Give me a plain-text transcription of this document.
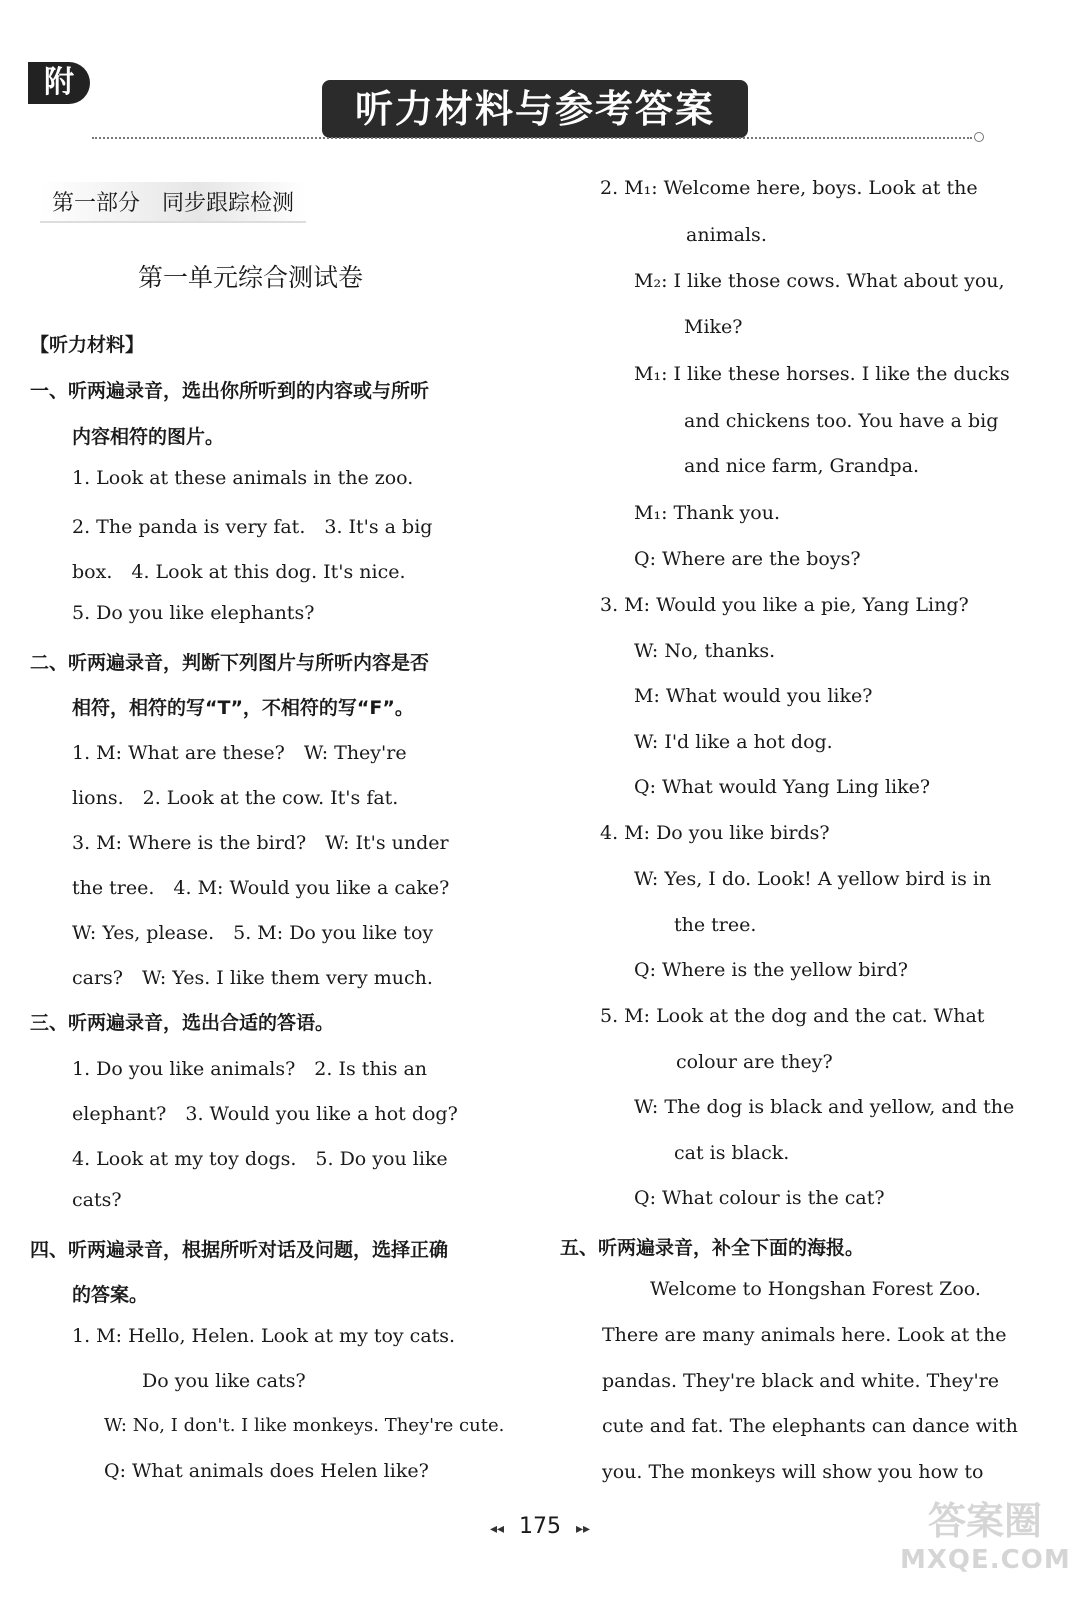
附
听力材料与参考答案
第一部分　同步跟踪检测
第一单元综合测试卷
【听力材料】
一、听两遍录音，选出你所听到的内容或与所听
内容相符的图片。
1. Look at these animals in the zoo.
2. The panda is very fat.　3. It's a big
box.　4. Look at this dog. It's nice.
5. Do you like elephants?
二、听两遍录音，判断下列图片与所听内容是否
相符，相符的写“T”，不相符的写“F”。
1. M: What are these?　W: They're
lions.　2. Look at the cow. It's fat.
3. M: Where is the bird?　W: It's under
the tree.　4. M: Would you like a cake?
W: Yes, please.　5. M: Do you like toy
cars?　W: Yes. I like them very much.
三、听两遍录音，选出合适的答语。
1. Do you like animals?　2. Is this an
elephant?　3. Would you like a hot dog?
4. Look at my toy dogs.　5. Do you like
cats?
四、听两遍录音，根据所听对话及问题，选择正确
的答案。
1. M: Hello, Helen. Look at my toy cats.
Do you like cats?
W: No, I don't. I like monkeys. They're cute.
Q: What animals does Helen like?
2. M₁: Welcome here, boys. Look at the
animals.
M₂: I like those cows. What about you,
Mike?
M₁: I like these horses. I like the ducks
and chickens too. You have a big
and nice farm, Grandpa.
M₁: Thank you.
Q: Where are the boys?
3. M: Would you like a pie, Yang Ling?
W: No, thanks.
M: What would you like?
W: I'd like a hot dog.
Q: What would Yang Ling like?
4. M: Do you like birds?
W: Yes, I do. Look! A yellow bird is in
the tree.
Q: Where is the yellow bird?
5. M: Look at the dog and the cat. What
colour are they?
W: The dog is black and yellow, and the
cat is black.
Q: What colour is the cat?
五、听两遍录音，补全下面的海报。
Welcome to Hongshan Forest Zoo.
There are many animals here. Look at the
pandas. They're black and white. They're
cute and fat. The elephants can dance with
you. The monkeys will show you how to
◂◂ 175 ▸▸	答案圈
MXQE.COM
